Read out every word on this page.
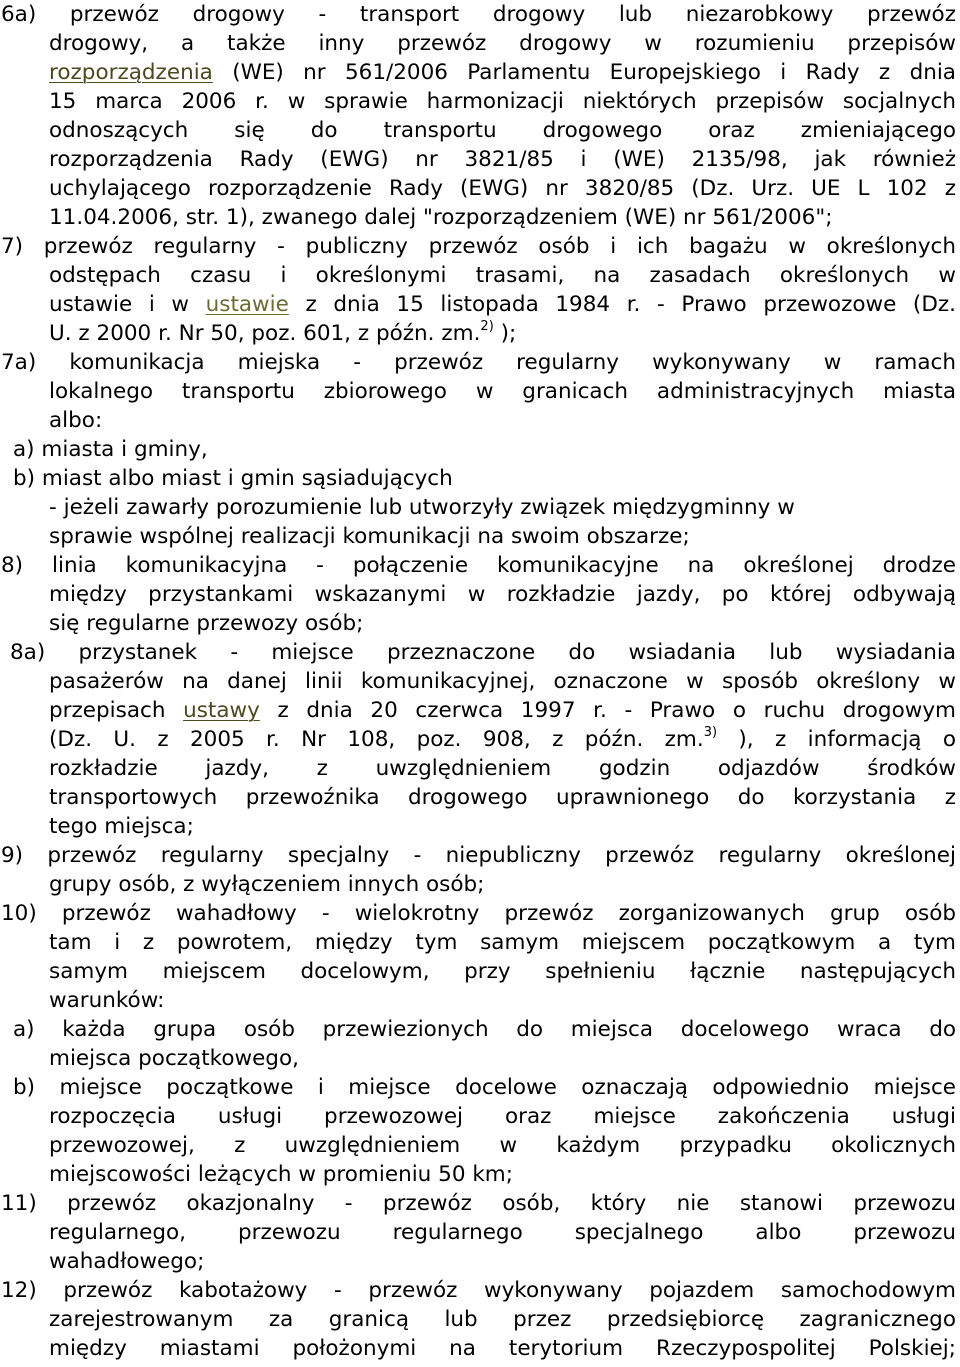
6a) przewóz drogowy - transport drogowy lub niezarobkowy przewóz
drogowy, a także inny przewóz drogowy w rozumieniu przepisów
rozporządzenia (WE) nr 561/2006 Parlamentu Europejskiego i Rady z dnia
15 marca 2006 r. w sprawie harmonizacji niektórych przepisów socjalnych
odnoszących się do transportu drogowego oraz zmieniającego
rozporządzenia Rady (EWG) nr 3821/85 i (WE) 2135/98, jak również
uchylającego rozporządzenie Rady (EWG) nr 3820/85 (Dz. Urz. UE L 102 z
11.04.2006, str. 1), zwanego dalej "rozporządzeniem (WE) nr 561/2006";
7) przewóz regularny - publiczny przewóz osób i ich bagażu w określonych
odstępach czasu i określonymi trasami, na zasadach określonych w
ustawie i w ustawie z dnia 15 listopada 1984 r. - Prawo przewozowe (Dz.
U. z 2000 r. Nr 50, poz. 601, z późn. zm.$^{2)}$ );
7a) komunikacja miejska - przewóz regularny wykonywany w ramach
lokalnego transportu zbiorowego w granicach administracyjnych miasta
albo:
a) miasta i gminy,
b) miast albo miast i gmin sąsiadujących
- jeżeli zawarły porozumienie lub utworzyły związek międzygminny w
sprawie wspólnej realizacji komunikacji na swoim obszarze;
8) linia komunikacyjna - połączenie komunikacyjne na określonej drodze
między przystankami wskazanymi w rozkładzie jazdy, po której odbywają
się regularne przewozy osób;
8a) przystanek - miejsce przeznaczone do wsiadania lub wysiadania
pasażerów na danej linii komunikacyjnej, oznaczone w sposób określony w
przepisach ustawy z dnia 20 czerwca 1997 r. - Prawo o ruchu drogowym
(Dz. U. z 2005 r. Nr 108, poz. 908, z późn. zm.$^{3)}$ ), z informacją o
rozkładzie jazdy, z uwzględnieniem godzin odjazdów środków
transportowych przewoźnika drogowego uprawnionego do korzystania z
tego miejsca;
9) przewóz regularny specjalny - niepubliczny przewóz regularny określonej
grupy osób, z wyłączeniem innych osób;
10) przewóz wahadłowy - wielokrotny przewóz zorganizowanych grup osób
tam i z powrotem, między tym samym miejscem początkowym a tym
samym miejscem docelowym, przy spełnieniu łącznie następujących
warunków:
a) każda grupa osób przewiezionych do miejsca docelowego wraca do
miejsca początkowego,
b) miejsce początkowe i miejsce docelowe oznaczają odpowiednio miejsce
rozpoczęcia usługi przewozowej oraz miejsce zakończenia usługi
przewozowej, z uwzględnieniem w każdym przypadku okolicznych
miejscowości leżących w promieniu 50 km;
11) przewóz okazjonalny - przewóz osób, który nie stanowi przewozu
regularnego, przewozu regularnego specjalnego albo przewozu
wahadłowego;
12) przewóz kabotażowy - przewóz wykonywany pojazdem samochodowym
zarejestrowanym za granicą lub przez przedsiębiorcę zagranicznego
między miastami położonymi na terytorium Rzeczypospolitej Polskiej;
